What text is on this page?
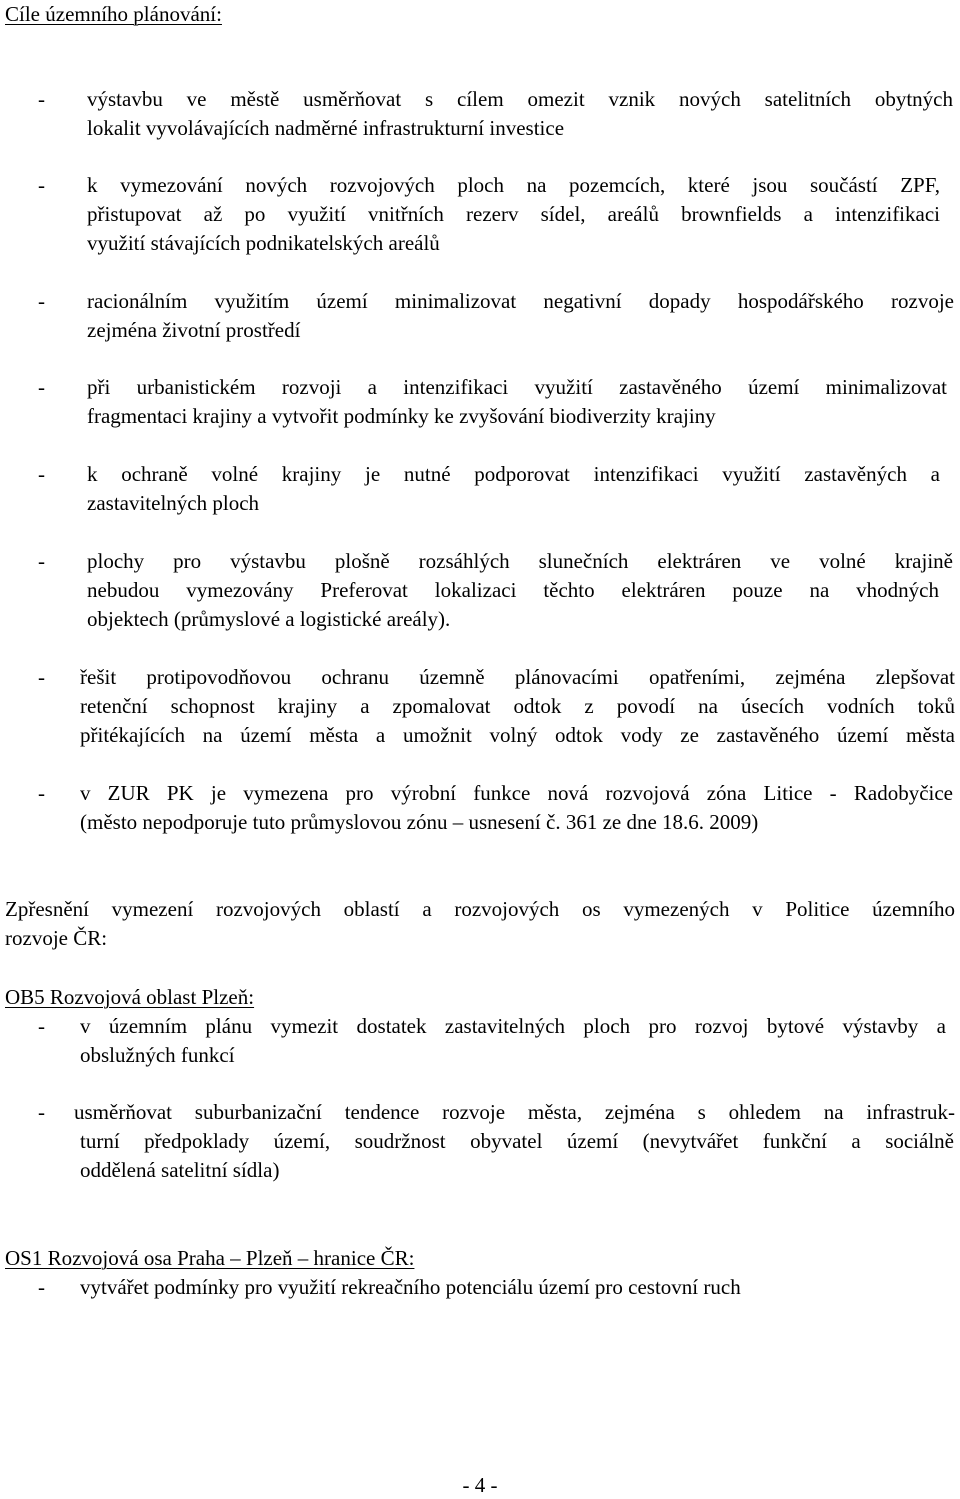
Cíle územního plánování:
- výstavbu ve městě usměrňovat s cílem omezit vznik nových satelitních obytných
lokalit vyvolávajících nadměrné infrastrukturní investice
- k vymezování nových rozvojových ploch na pozemcích, které jsou součástí ZPF,
přistupovat až po využití vnitřních rezerv sídel, areálů brownfields a intenzifikaci
využití stávajících podnikatelských areálů
- racionálním využitím území minimalizovat negativní dopady hospodářského rozvoje
zejména životní prostředí
- při urbanistickém rozvoji a intenzifikaci využití zastavěného území minimalizovat
fragmentaci krajiny a vytvořit podmínky ke zvyšování biodiverzity krajiny
- k ochraně volné krajiny je nutné podporovat intenzifikaci využití zastavěných a
zastavitelných ploch
- plochy pro výstavbu plošně rozsáhlých slunečních elektráren ve volné krajině
nebudou vymezovány Preferovat lokalizaci těchto elektráren pouze na vhodných
objektech (průmyslové a logistické areály).
- řešit protipovodňovou ochranu územně plánovacími opatřeními, zejména zlepšovat
retenční schopnost krajiny a zpomalovat odtok z povodí na úsecích vodních toků
přitékajících na území města a umožnit volný odtok vody ze zastavěného území města
- v ZUR PK je vymezena pro výrobní funkce nová rozvojová zóna Litice - Radobyčice
(město nepodporuje tuto průmyslovou zónu – usnesení č. 361 ze dne 18.6. 2009)
Zpřesnění vymezení rozvojových oblastí a rozvojových os vymezených v Politice územního
rozvoje ČR:
OB5 Rozvojová oblast Plzeň:
- v územním plánu vymezit dostatek zastavitelných ploch pro rozvoj bytové výstavby a
obslužných funkcí
- usměrňovat suburbanizační tendence rozvoje města, zejména s ohledem na infrastruk-
turní předpoklady území, soudržnost obyvatel území (nevytvářet funkční a sociálně
oddělená satelitní sídla)
OS1 Rozvojová osa Praha – Plzeň – hranice ČR:
- vytvářet podmínky pro využití rekreačního potenciálu území pro cestovní ruch
- 4 -
